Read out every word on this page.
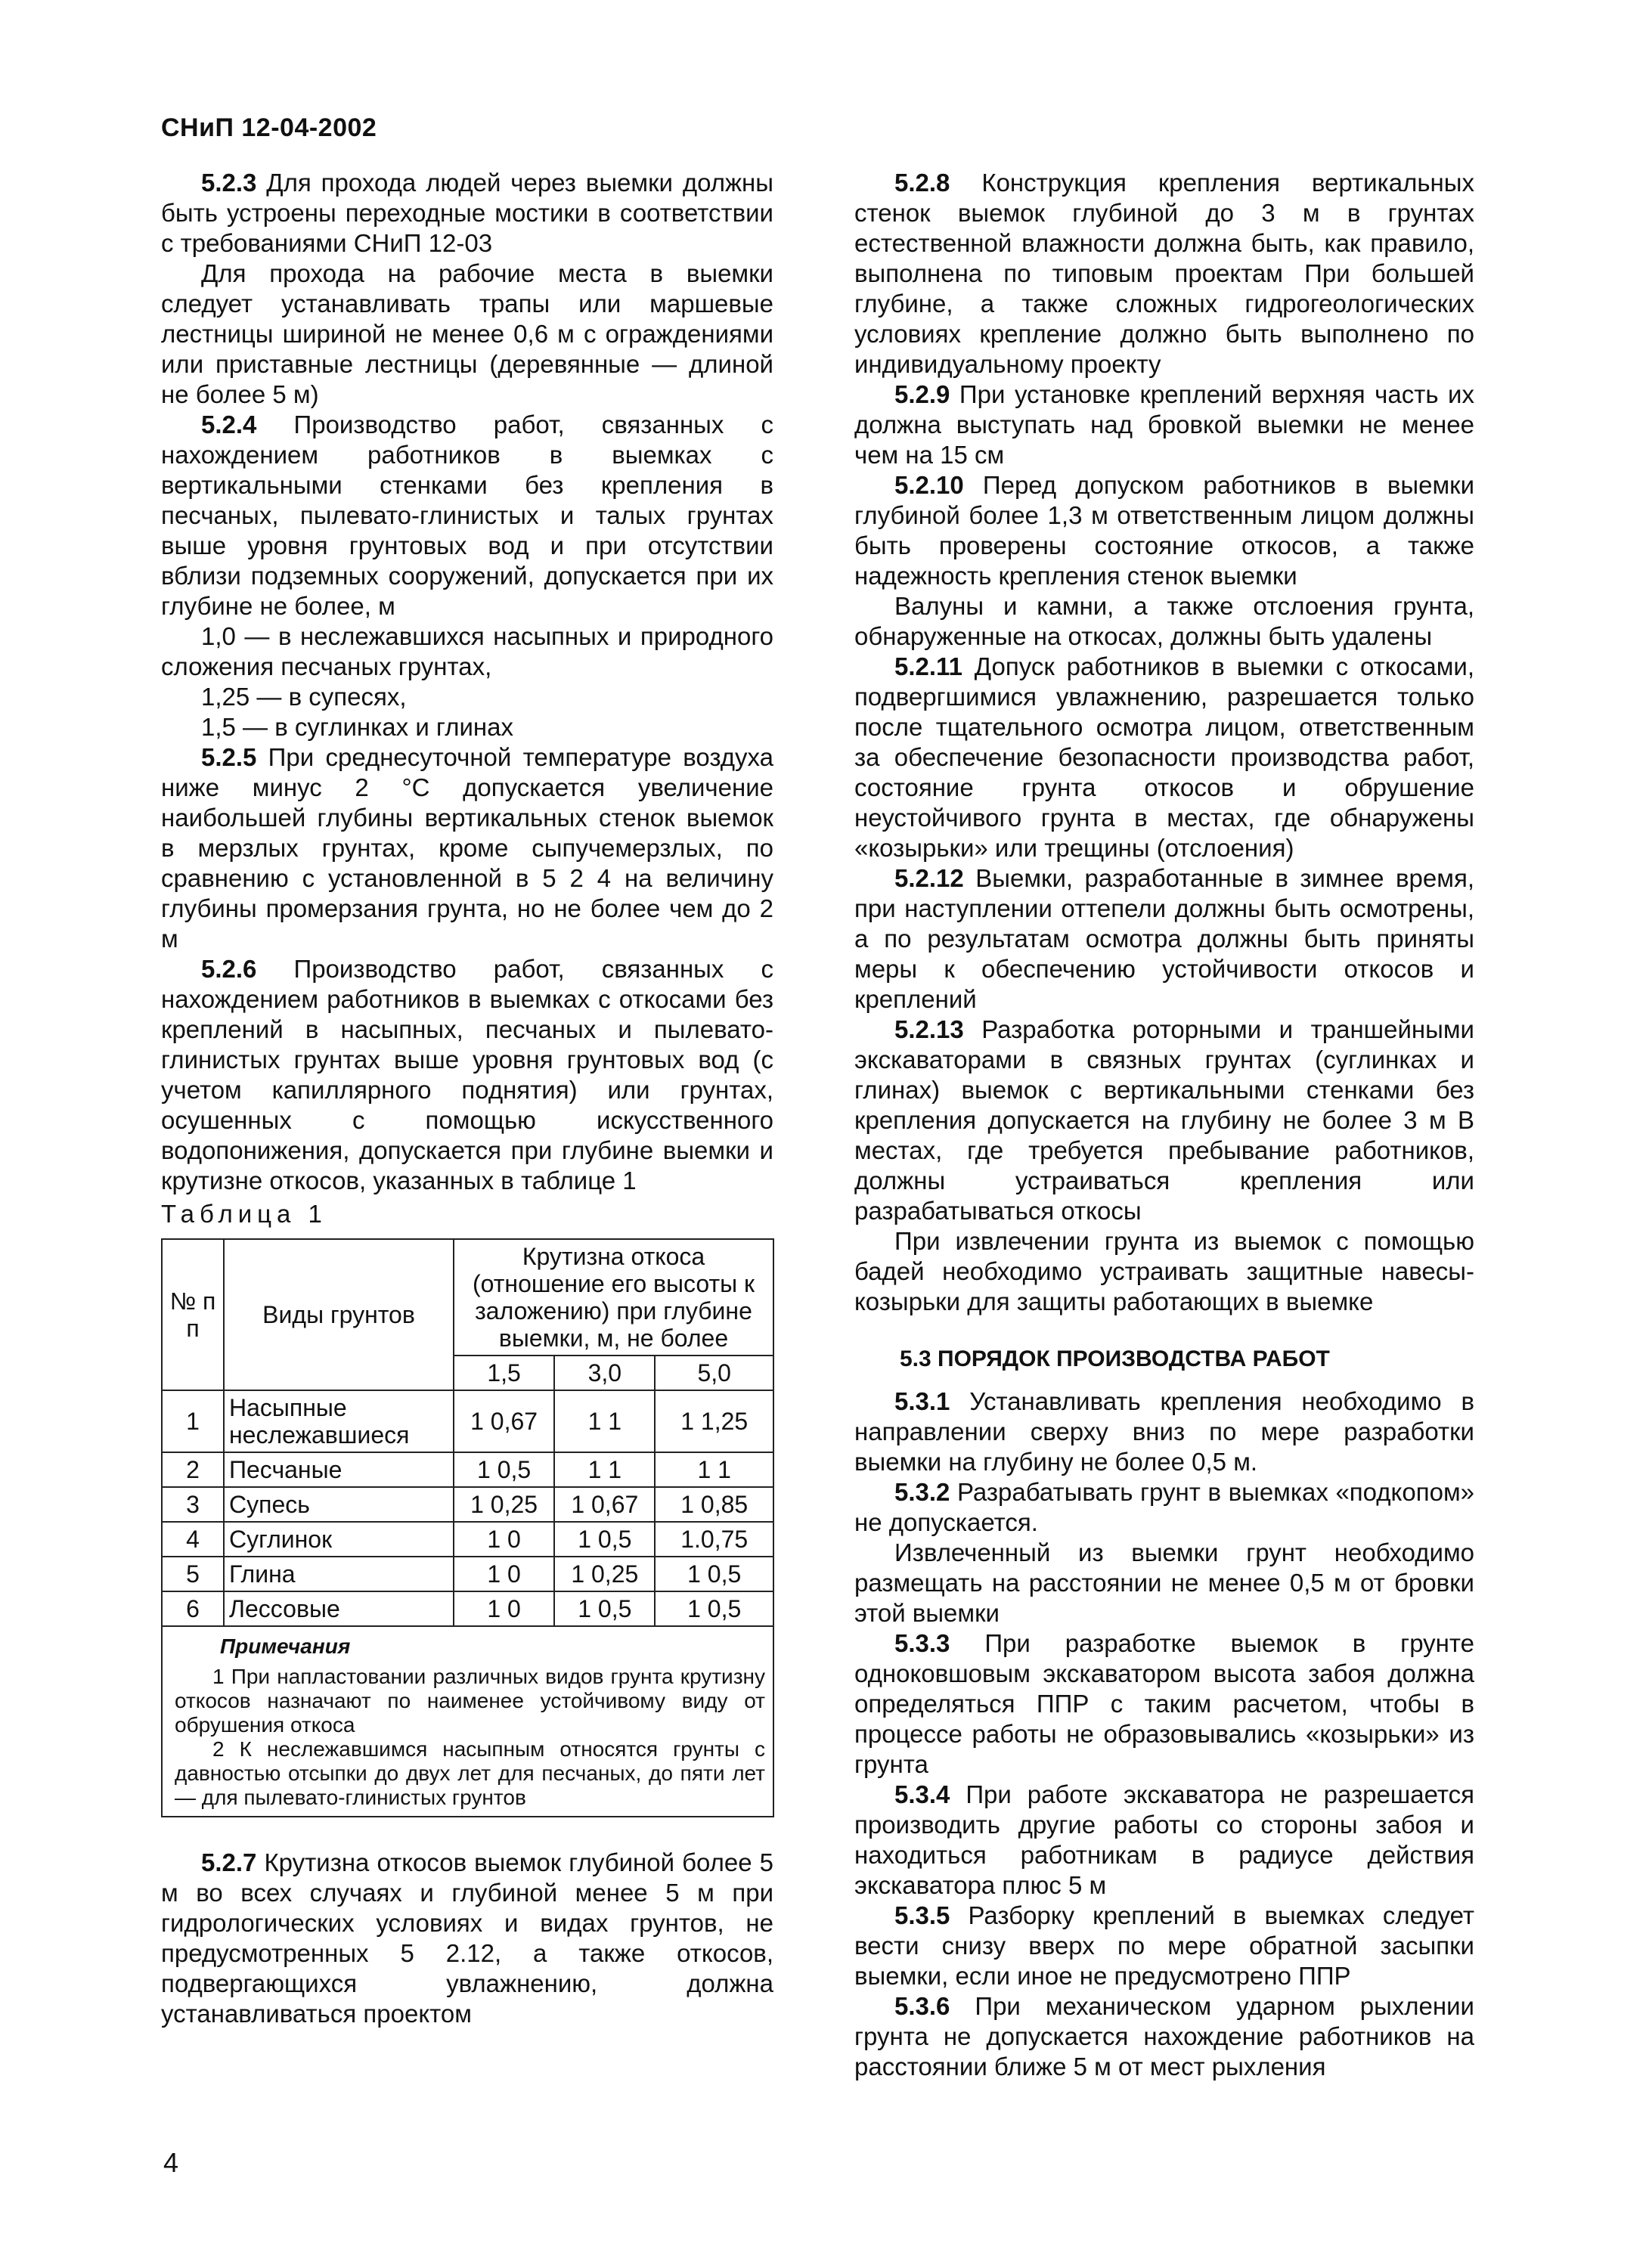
СНиП 12-04-2002

5.2.3 Для прохода людей через выемки должны быть устроены переходные мостики в соответствии с требованиями СНиП 12-03

Для прохода на рабочие места в выемки следует устанавливать трапы или маршевые лестницы шириной не менее 0,6 м с ограждениями или приставные лестницы (деревянные — длиной не более 5 м)

5.2.4 Производство работ, связанных с нахождением работников в выемках с вертикальными стенками без крепления в песчаных, пылевато-глинистых и талых грунтах выше уровня грунтовых вод и при отсутствии вблизи подземных сооружений, допускается при их глубине не более, м

1,0 — в неслежавшихся насыпных и природного сложения песчаных грунтах,

1,25 — в супесях,

1,5 — в суглинках и глинах

5.2.5 При среднесуточной температуре воздуха ниже минус 2 °С допускается увеличение наибольшей глубины вертикальных стенок выемок в мерзлых грунтах, кроме сыпучемерзлых, по сравнению с установленной в 5 2 4 на величину глубины промерзания грунта, но не более чем до 2 м

5.2.6 Производство работ, связанных с нахождением работников в выемках с откосами без креплений в насыпных, песчаных и пылевато-глинистых грунтах выше уровня грунтовых вод (с учетом капиллярного поднятия) или грунтах, осушенных с помощью искусственного водопонижения, допускается при глубине выемки и крутизне откосов, указанных в таблице 1

Таблица 1
№ п п	Виды грунтов	Крутизна откоса (отношение его высоты к заложению) при глубине выемки, м, не более		
		1,5	3,0	5,0
1	Насыпные неслежавшиеся	1 0,67	1 1	1 1,25
2	Песчаные	1 0,5	1 1	1 1
3	Супесь	1 0,25	1 0,67	1 0,85
4	Суглинок	1 0	1 0,5	1.0,75
5	Глина	1 0	1 0,25	1 0,5
6	Лессовые	1 0	1 0,5	1 0,5

Примечания

1 При напластовании различных видов грунта крутизну откосов назначают по наименее устойчивому виду от обрушения откоса

2 К неслежавшимся насыпным относятся грунты с давностью отсыпки до двух лет для песчаных, до пяти лет — для пылевато-глинистых грунтов				

5.2.7 Крутизна откосов выемок глубиной более 5 м во всех случаях и глубиной менее 5 м при гидрологических условиях и видах грунтов, не предусмотренных 5 2.12, а также откосов, подвергающихся увлажнению, должна устанавливаться проектом

5.2.8 Конструкция крепления вертикальных стенок выемок глубиной до 3 м в грунтах естественной влажности должна быть, как правило, выполнена по типовым проектам При большей глубине, а также сложных гидрогеологических условиях крепление должно быть выполнено по индивидуальному проекту

5.2.9 При установке креплений верхняя часть их должна выступать над бровкой выемки не менее чем на 15 см

5.2.10 Перед допуском работников в выемки глубиной более 1,3 м ответственным лицом должны быть проверены состояние откосов, а также надежность крепления стенок выемки

Валуны и камни, а также отслоения грунта, обнаруженные на откосах, должны быть удалены

5.2.11 Допуск работников в выемки с откосами, подвергшимися увлажнению, разрешается только после тщательного осмотра лицом, ответственным за обеспечение безопасности производства работ, состояние грунта откосов и обрушение неустойчивого грунта в местах, где обнаружены «козырьки» или трещины (отслоения)

5.2.12 Выемки, разработанные в зимнее время, при наступлении оттепели должны быть осмотрены, а по результатам осмотра должны быть приняты меры к обеспечению устойчивости откосов и креплений

5.2.13 Разработка роторными и траншейными экскаваторами в связных грунтах (суглинках и глинах) выемок с вертикальными стенками без крепления допускается на глубину не более 3 м В местах, где требуется пребывание работников, должны устраиваться крепления или разрабатываться откосы

При извлечении грунта из выемок с помощью бадей необходимо устраивать защитные навесы-козырьки для защиты работающих в выемке

5.3 ПОРЯДОК ПРОИЗВОДСТВА РАБОТ

5.3.1 Устанавливать крепления необходимо в направлении сверху вниз по мере разработки выемки на глубину не более 0,5 м.

5.3.2 Разрабатывать грунт в выемках «подкопом» не допускается.

Извлеченный из выемки грунт необходимо размещать на расстоянии не менее 0,5 м от бровки этой выемки

5.3.3 При разработке выемок в грунте одноковшовым экскаватором высота забоя должна определяться ППР с таким расчетом, чтобы в процессе работы не образовывались «козырьки» из грунта

5.3.4 При работе экскаватора не разрешается производить другие работы со стороны забоя и находиться работникам в радиусе действия экскаватора плюс 5 м

5.3.5 Разборку креплений в выемках следует вести снизу вверх по мере обратной засыпки выемки, если иное не предусмотрено ППР

5.3.6 При механическом ударном рыхлении грунта не допускается нахождение работников на расстоянии ближе 5 м от мест рыхления

4
